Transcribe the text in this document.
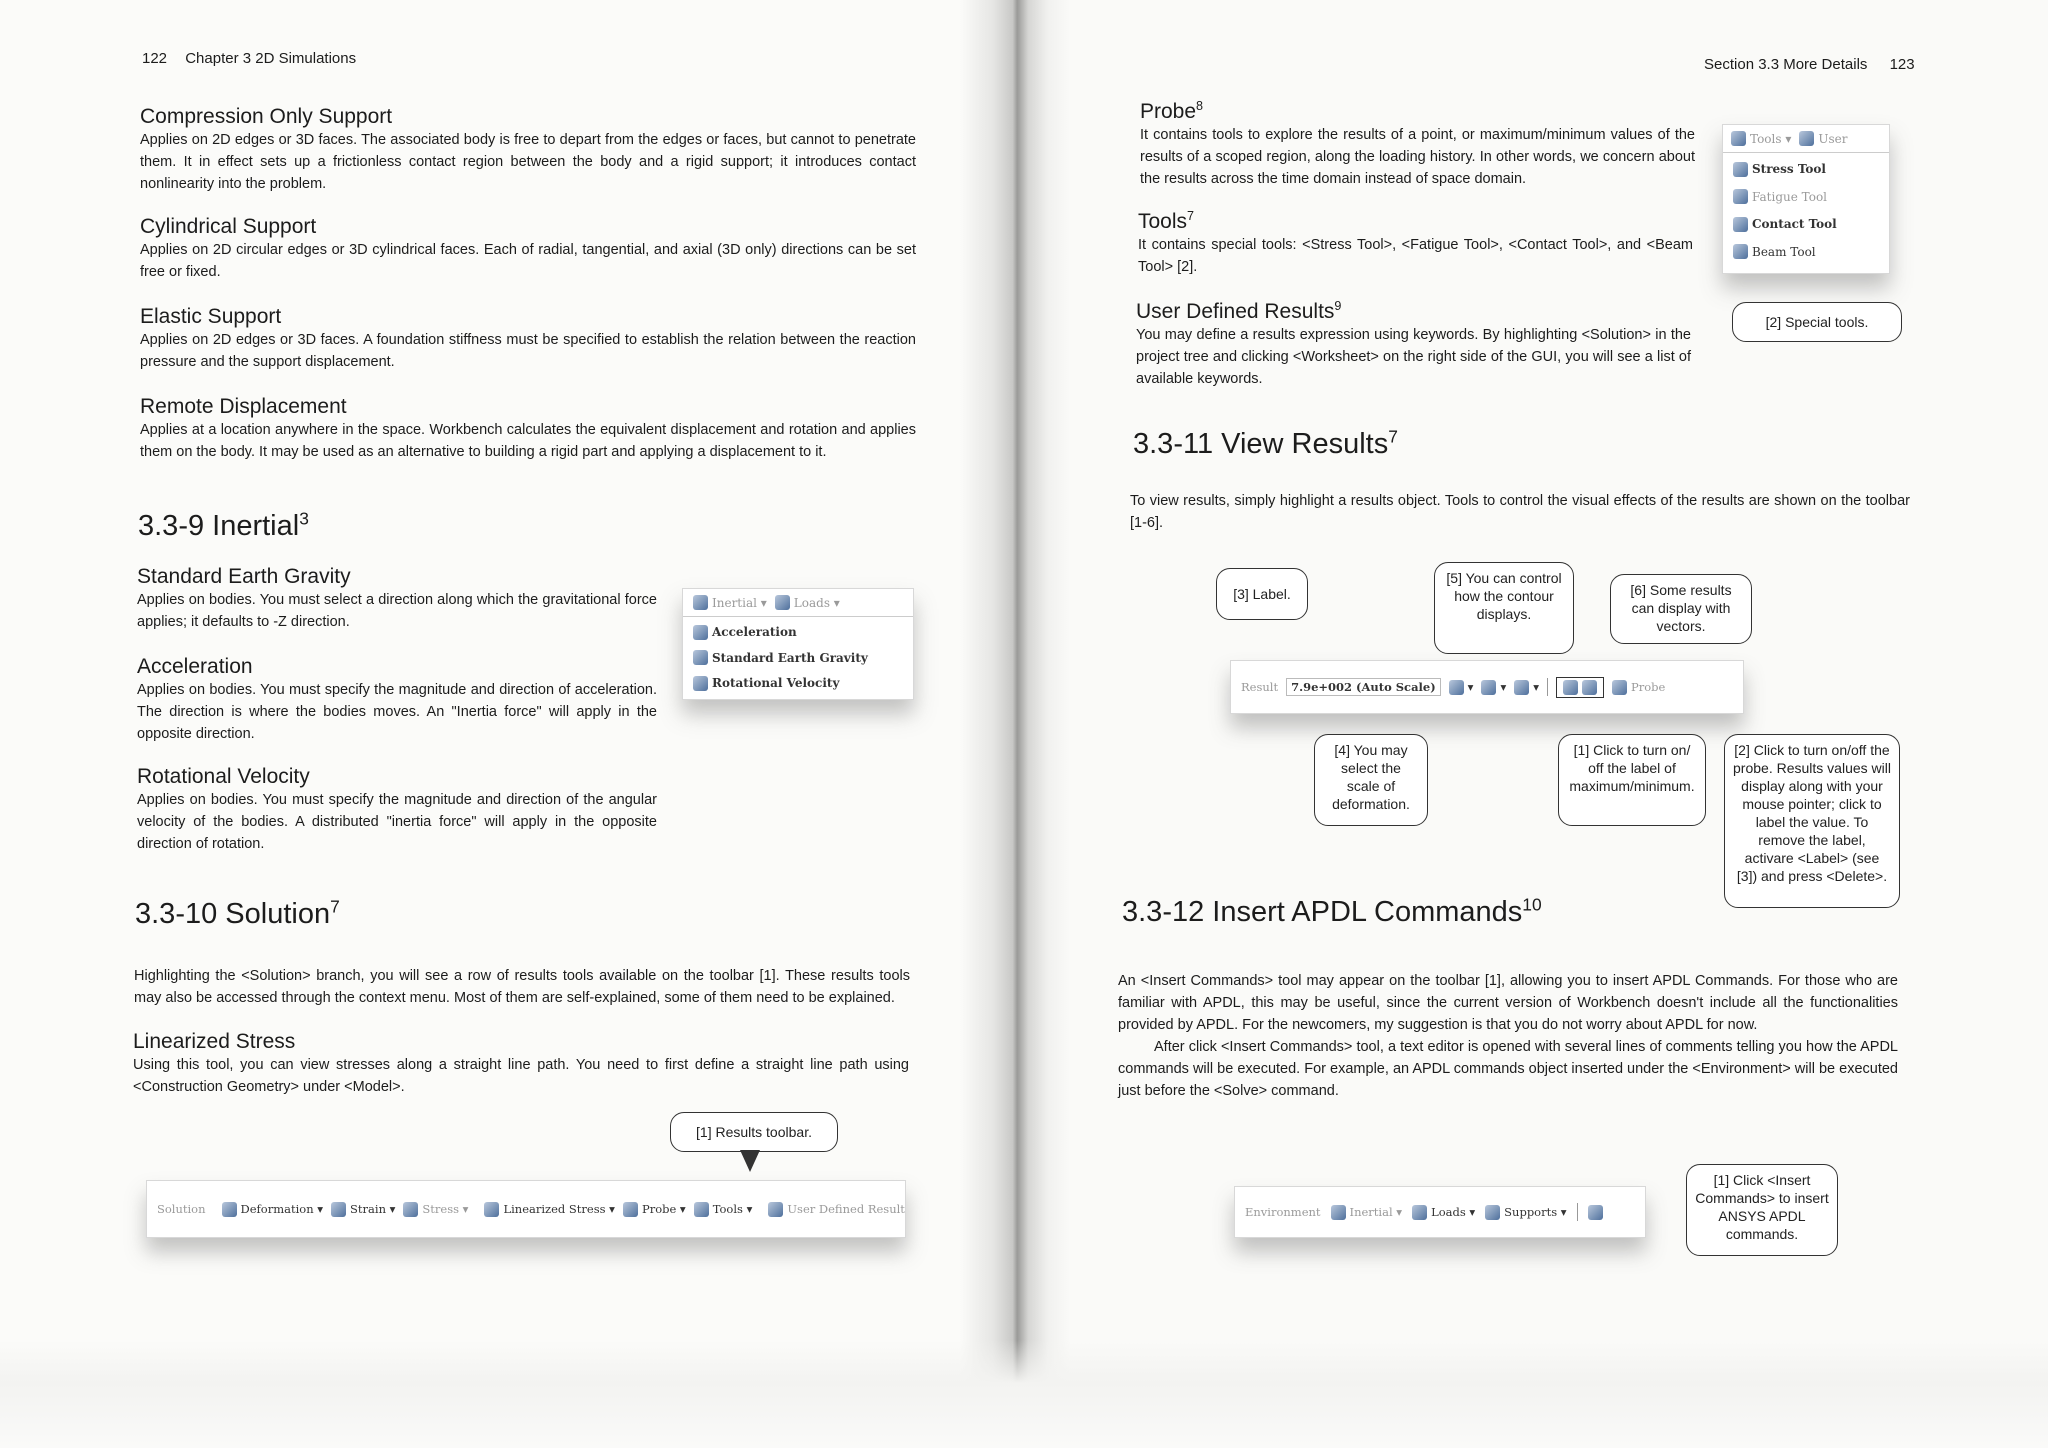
122 Chapter 3 2D Simulations
Compression Only Support

Applies on 2D edges or 3D faces. The associated body is free to depart from the edges or faces, but cannot to penetrate them. It in effect sets up a frictionless contact region between the body and a rigid support; it introduces contact nonlinearity into the problem.

Cylindrical Support

Applies on 2D circular edges or 3D cylindrical faces. Each of radial, tangential, and axial (3D only) directions can be set free or fixed.

Elastic Support

Applies on 2D edges or 3D faces. A foundation stiffness must be specified to establish the relation between the reaction pressure and the support displacement.

Remote Displacement

Applies at a location anywhere in the space. Workbench calculates the equivalent displacement and rotation and applies them on the body. It may be used as an alternative to building a rigid part and applying a displacement to it.

3.3-9 Inertial$^3$
Standard Earth Gravity

Applies on bodies. You must select a direction along which the gravitational force applies; it defaults to -Z direction.

Acceleration

Applies on bodies. You must specify the magnitude and direction of acceleration. The direction is where the bodies moves. An "Inertia force" will apply in the opposite direction.

Rotational Velocity

Applies on bodies. You must specify the magnitude and direction of the angular velocity of the bodies. A distributed "inertia force" will apply in the opposite direction of rotation.

Inertial ▾ Loads ▾
Acceleration

Standard Earth Gravity

Rotational Velocity
3.3-10 Solution$^7$

Highlighting the <Solution> branch, you will see a row of results tools available on the toolbar [1]. These results tools may also be accessed through the context menu. Most of them are self-explained, some of them need to be explained.

Linearized Stress

Using this tool, you can view stresses along a straight line path. You need to first define a straight line path using <Construction Geometry> under <Model>.

[1] Results toolbar.
Solution	Deformation ▾ Strain ▾ Stress ▾	Linearized Stress ▾ Probe ▾ Tools ▾	User Defined Result
Section 3.3 More Details 123
Probe$^8$

It contains tools to explore the results of a point, or maximum/minimum values of the results of a scoped region, along the loading history. In other words, we concern about the results across the time domain instead of space domain.

Tools$^7$

It contains special tools: <Stress Tool>, <Fatigue Tool>, <Contact Tool>, and <Beam Tool> [2].

User Defined Results$^9$

You may define a results expression using keywords. By highlighting <Solution> in the project tree and clicking <Worksheet> on the right side of the GUI, you will see a list of available keywords.

Tools ▾ User
Stress Tool

Fatigue Tool

Contact Tool

Beam Tool
[2] Special tools.
3.3-11 View Results$^7$

To view results, simply highlight a results object. Tools to control the visual effects of the results are shown on the toolbar [1-6].

[3] Label.
[5] You can control how the contour displays.
[6] Some results can display with vectors.
Result	7.9e+002 (Auto Scale)	▾	▾	▾	Probe
[4] You may select the scale of deformation.
[1] Click to turn on/ off the label of maximum/minimum.
[2] Click to turn on/off the probe. Results values will display along with your mouse pointer; click to label the value. To remove the label, activare <Label> (see [3]) and press <Delete>.
3.3-12 Insert APDL Commands$^{10}$

An <Insert Commands> tool may appear on the toolbar [1], allowing you to insert APDL Commands. For those who are familiar with APDL, this may be useful, since the current version of Workbench doesn't include all the functionalities provided by APDL. For the newcomers, my suggestion is that you do not worry about APDL for now.

After click <Insert Commands> tool, a text editor is opened with several lines of comments telling you how the APDL commands will be executed. For example, an APDL commands object inserted under the <Environment> will be executed just before the <Solve> command.

Environment	Inertial ▾	Loads ▾	Supports ▾
[1] Click <Insert Commands> to insert ANSYS APDL commands.
